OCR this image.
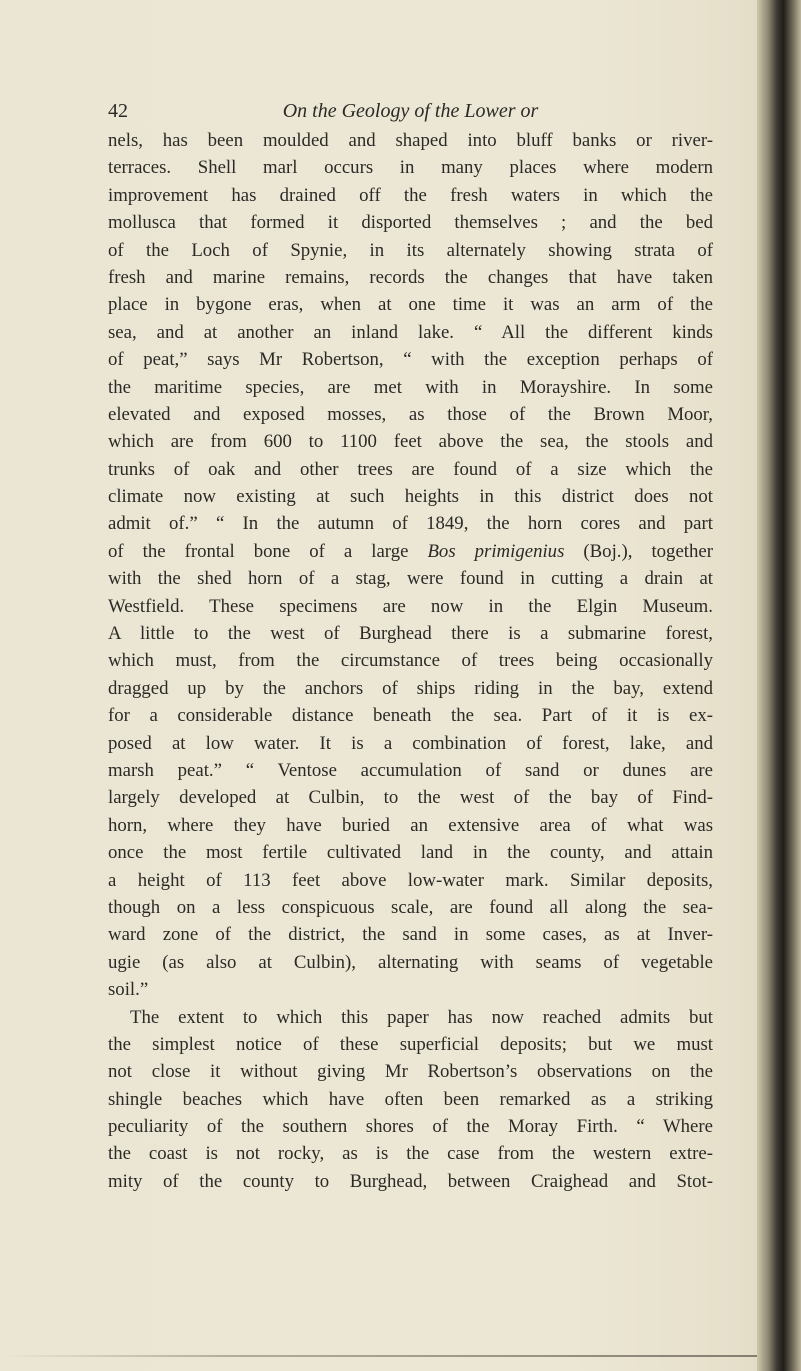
42	On the Geology of the Lower or
nels, has been moulded and shaped into bluff banks or river-
terraces. Shell marl occurs in many places where modern
improvement has drained off the fresh waters in which the
mollusca that formed it disported themselves ; and the bed
of the Loch of Spynie, in its alternately showing strata of
fresh and marine remains, records the changes that have taken
place in bygone eras, when at one time it was an arm of the
sea, and at another an inland lake. “ All the different kinds
of peat,” says Mr Robertson, “ with the exception perhaps of
the maritime species, are met with in Morayshire. In some
elevated and exposed mosses, as those of the Brown Moor,
which are from 600 to 1100 feet above the sea, the stools and
trunks of oak and other trees are found of a size which the
climate now existing at such heights in this district does not
admit of.” “ In the autumn of 1849, the horn cores and part
of the frontal bone of a large Bos primigenius (Boj.), together
with the shed horn of a stag, were found in cutting a drain at
Westfield. These specimens are now in the Elgin Museum.
A little to the west of Burghead there is a submarine forest,
which must, from the circumstance of trees being occasionally
dragged up by the anchors of ships riding in the bay, extend
for a considerable distance beneath the sea. Part of it is ex-
posed at low water. It is a combination of forest, lake, and
marsh peat.” “ Ventose accumulation of sand or dunes are
largely developed at Culbin, to the west of the bay of Find-
horn, where they have buried an extensive area of what was
once the most fertile cultivated land in the county, and attain
a height of 113 feet above low-water mark. Similar deposits,
though on a less conspicuous scale, are found all along the sea-
ward zone of the district, the sand in some cases, as at Inver-
ugie (as also at Culbin), alternating with seams of vegetable
soil.”
The extent to which this paper has now reached admits but
the simplest notice of these superficial deposits; but we must
not close it without giving Mr Robertson’s observations on the
shingle beaches which have often been remarked as a striking
peculiarity of the southern shores of the Moray Firth. “ Where
the coast is not rocky, as is the case from the western extre-
mity of the county to Burghead, between Craighead and Stot-
